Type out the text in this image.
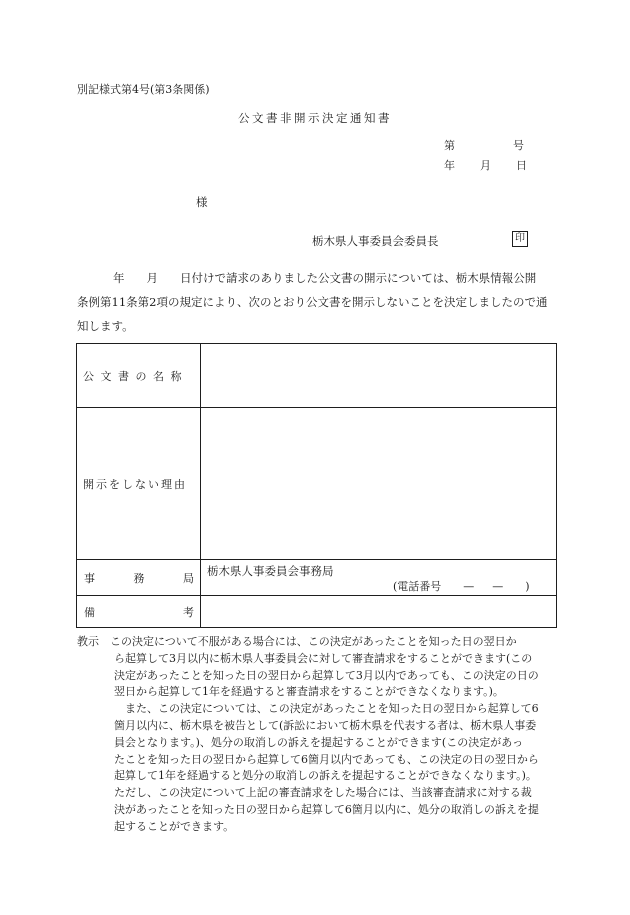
別記様式第4号(第3条関係)
公文書非開示決定通知書
第	号
年 月 日
様
栃木県人事委員会委員長	印
年 月 日付けで請求のありました公文書の開示については、栃木県情報公開
条例第11条第2項の規定により、次のとおり公文書を開示しないことを決定しましたので通
知します。
公文書の名称	
開示をしない理由	

事 務 局	栃木県人事委員会事務局
(電話番号 — — )

備 考	

教示　 この決定について不服がある場合には、この決定があったことを知った日の翌日か
ら起算して3月以内に栃木県人事委員会に対して審査請求をすることができます(この
決定があったことを知った日の翌日から起算して3月以内であっても、この決定の日の
翌日から起算して1年を経過すると審査請求をすることができなくなります。)。
また、この決定については、この決定があったことを知った日の翌日から起算して6
箇月以内に、栃木県を被告として(訴訟において栃木県を代表する者は、栃木県人事委
員会となります。)、処分の取消しの訴えを提起することができます(この決定があっ
たことを知った日の翌日から起算して6箇月以内であっても、この決定の日の翌日から
起算して1年を経過すると処分の取消しの訴えを提起することができなくなります。)。
ただし、この決定について上記の審査請求をした場合には、当該審査請求に対する裁
決があったことを知った日の翌日から起算して6箇月以内に、処分の取消しの訴えを提
起することができます。
